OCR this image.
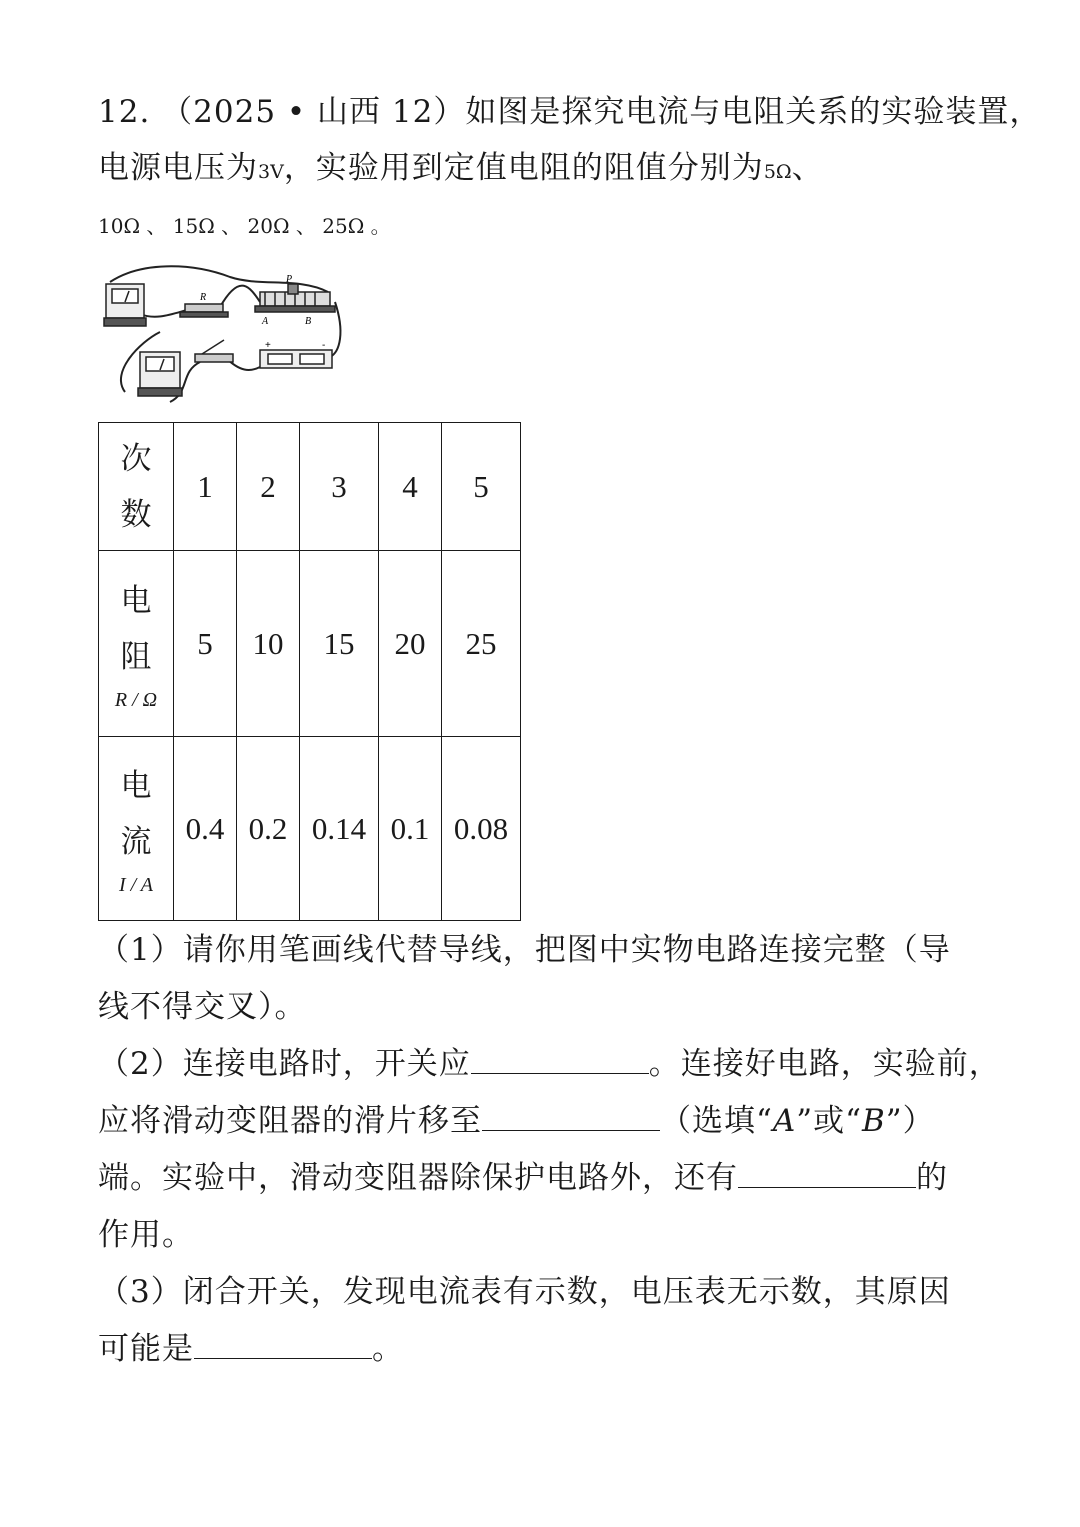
12. （2025 • 山西 12）如图是探究电流与电阻关系的实验装置，
电源电压为3V，实验用到定值电阻的阻值分别为5Ω、
10Ω 、 15Ω 、 20Ω 、 25Ω 。
R
A	B
P
+	-
次
数	1	2	3	4	5

电
阻
R / Ω	5	10	15	20	25

电
流
I / A	0.4	0.2	0.14	0.1	0.08
（1）请你用笔画线代替导线，把图中实物电路连接完整（导
线不得交叉）。
（2）连接电路时，开关应	。连接好电路，实验前，
应将滑动变阻器的滑片移至	（选填“A”或“B”）
端。实验中，滑动变阻器除保护电路外，还有	的
作用。
（3）闭合开关，发现电流表有示数，电压表无示数，其原因
可能是	。
